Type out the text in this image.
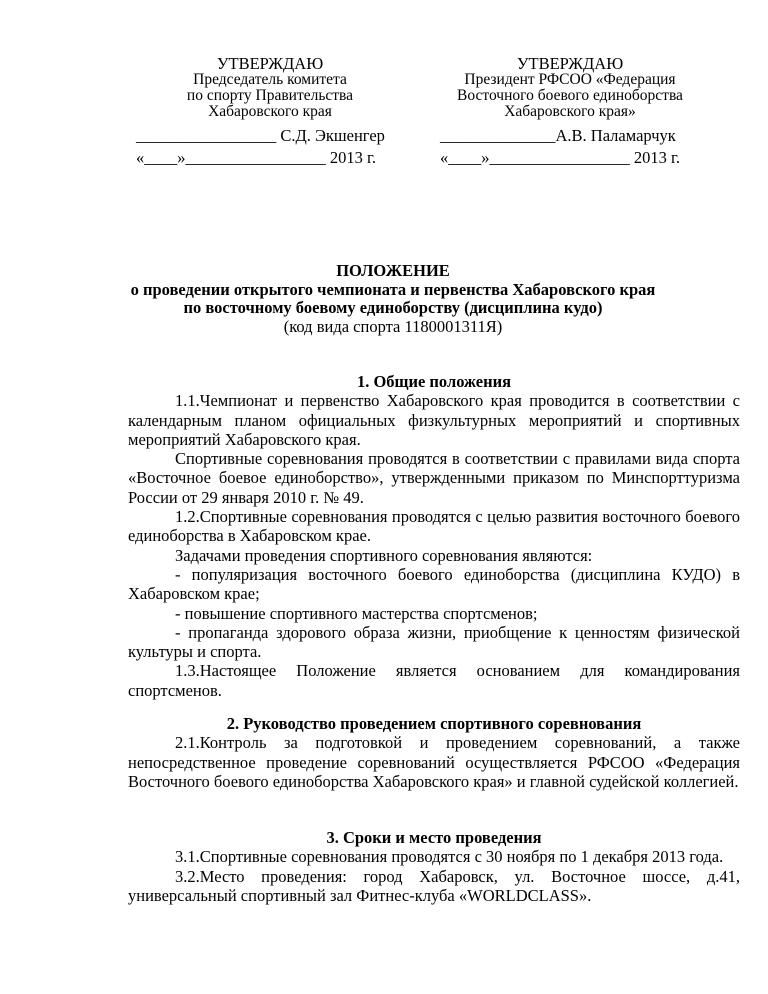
УТВЕРЖДАЮ
Председатель комитета
по спорту Правительства
Хабаровского края
УТВЕРЖДАЮ
Президент РФСОО «Федерация
Восточного боевого единоборства
Хабаровского края»
_________________ С.Д. Экшенгер
«____»_________________ 2013 г.
______________А.В. Паламарчук
«____»_________________ 2013 г.
ПОЛОЖЕНИЕ
о проведении открытого чемпионата и первенства Хабаровского края
по восточному боевому единоборству (дисциплина кудо)
(код вида спорта 1180001311Я)

1. Общие положения

1.1.Чемпионат и первенство Хабаровского края проводится в соответствии с календарным планом официальных физкультурных мероприятий и спортивных мероприятий Хабаровского края.

Спортивные соревнования проводятся в соответствии с правилами вида спорта «Восточное боевое единоборство», утвержденными приказом по Минспорттуризма России от 29 января 2010 г. № 49.

1.2.Спортивные соревнования проводятся с целью развития восточного боевого единоборства в Хабаровском крае.

Задачами проведения спортивного соревнования являются:

- популяризация восточного боевого единоборства (дисциплина КУДО) в Хабаровском крае;

- повышение спортивного мастерства спортсменов;

- пропаганда здорового образа жизни, приобщение к ценностям физической культуры и спорта.

1.3.Настоящее Положение является основанием для командирования спортсменов.

2. Руководство проведением спортивного соревнования

2.1.Контроль за подготовкой и проведением соревнований, а также непосредственное проведение соревнований осуществляется РФСОО «Федерация Восточного боевого единоборства Хабаровского края» и главной судейской коллегией.

3. Сроки и место проведения

3.1.Спортивные соревнования проводятся с 30 ноября по 1 декабря 2013 года.

3.2.Место проведения: город Хабаровск, ул. Восточное шоссе, д.41, универсальный спортивный зал Фитнес-клуба «WORLDCLASS».
